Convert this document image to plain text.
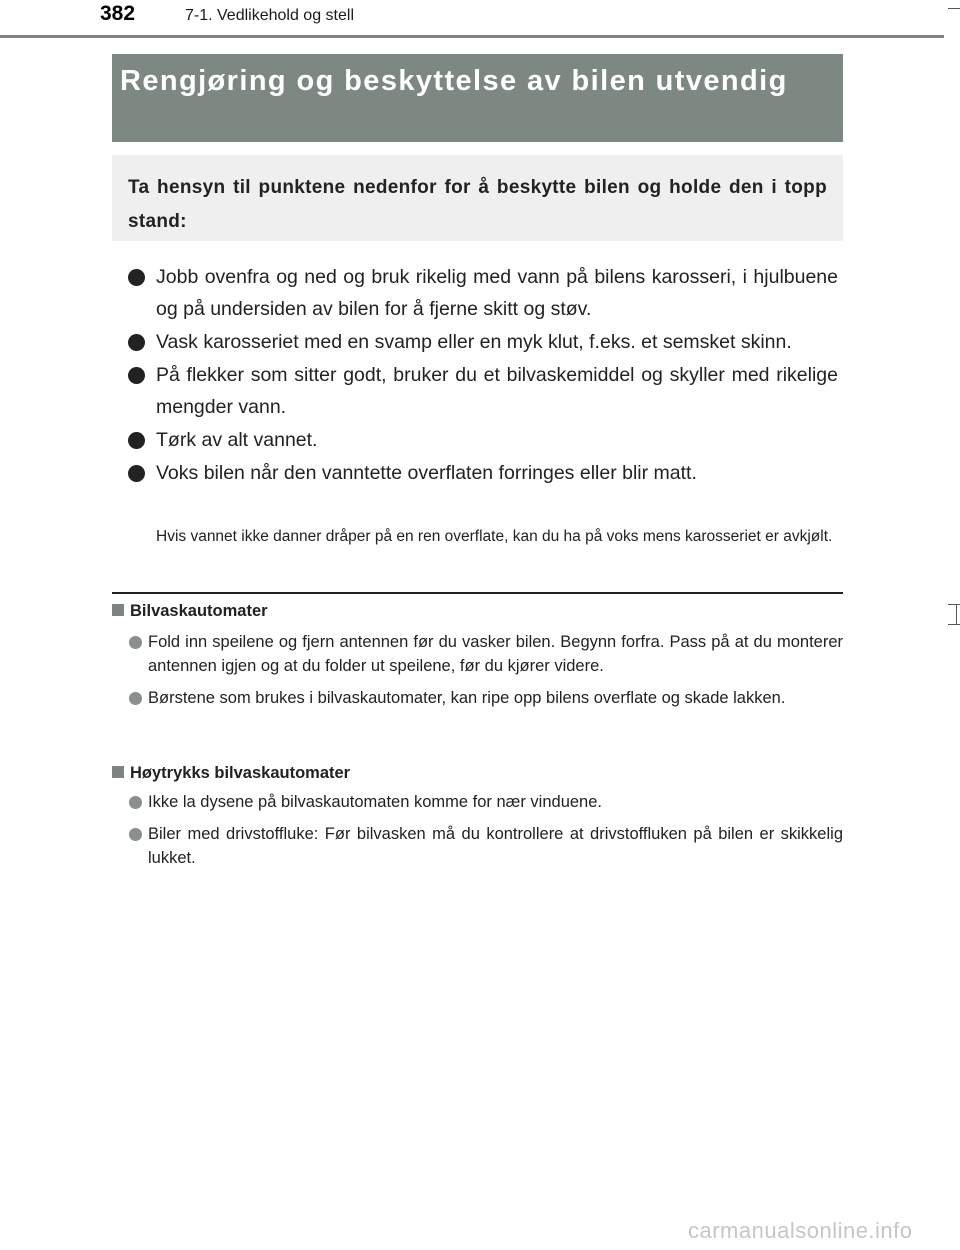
382	7-1. Vedlikehold og stell
Rengjøring og beskyttelse av bilen utvendig

Ta hensyn til punktene nedenfor for å beskytte bilen og holde den i topp stand:

Jobb ovenfra og ned og bruk rikelig med vann på bilens karosseri, i hjulbuene og på undersiden av bilen for å fjerne skitt og støv.
Vask karosseriet med en svamp eller en myk klut, f.eks. et semsket skinn.
På flekker som sitter godt, bruker du et bilvaskemiddel og skyller med rikelige mengder vann.
Tørk av alt vannet.
Voks bilen når den vanntette overflaten forringes eller blir matt.

Hvis vannet ikke danner dråper på en ren overflate, kan du ha på voks mens karosseriet er avkjølt.

Bilvaskautomater
Fold inn speilene og fjern antennen før du vasker bilen. Begynn forfra. Pass på at du monterer antennen igjen og at du folder ut speilene, før du kjører videre.
Børstene som brukes i bilvaskautomater, kan ripe opp bilens overflate og skade lakken.
Høytrykks bilvaskautomater
Ikke la dysene på bilvaskautomaten komme for nær vinduene.
Biler med drivstoffluke: Før bilvasken må du kontrollere at drivstoffluken på bilen er skikkelig lukket.
carmanualsonline.info
